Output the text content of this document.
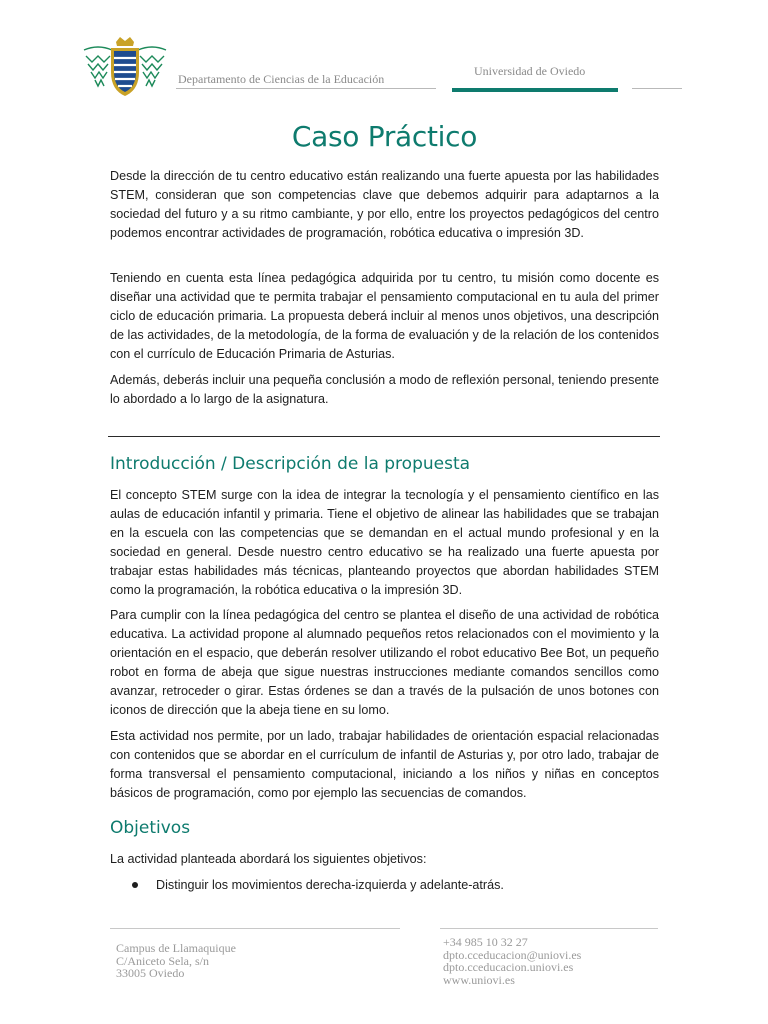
Departamento de Ciencias de la Educación
Universidad de Oviedo
Caso Práctico

Desde la dirección de tu centro educativo están realizando una fuerte apuesta por las habilidades STEM, consideran que son competencias clave que debemos adquirir para adaptarnos a la sociedad del futuro y a su ritmo cambiante, y por ello, entre los proyectos pedagógicos del centro podemos encontrar actividades de programación, robótica educativa o impresión 3D.

Teniendo en cuenta esta línea pedagógica adquirida por tu centro, tu misión como docente es diseñar una actividad que te permita trabajar el pensamiento computacional en tu aula del primer ciclo de educación primaria. La propuesta deberá incluir al menos unos objetivos, una descripción de las actividades, de la metodología, de la forma de evaluación y de la relación de los contenidos con el currículo de Educación Primaria de Asturias.

Además, deberás incluir una pequeña conclusión a modo de reflexión personal, teniendo presente lo abordado a lo largo de la asignatura.

Introducción / Descripción de la propuesta

El concepto STEM surge con la idea de integrar la tecnología y el pensamiento científico en las aulas de educación infantil y primaria. Tiene el objetivo de alinear las habilidades que se trabajan en la escuela con las competencias que se demandan en el actual mundo profesional y en la sociedad en general. Desde nuestro centro educativo se ha realizado una fuerte apuesta por trabajar estas habilidades más técnicas, planteando proyectos que abordan habilidades STEM como la programación, la robótica educativa o la impresión 3D.

Para cumplir con la línea pedagógica del centro se plantea el diseño de una actividad de robótica educativa. La actividad propone al alumnado pequeños retos relacionados con el movimiento y la orientación en el espacio, que deberán resolver utilizando el robot educativo Bee Bot, un pequeño robot en forma de abeja que sigue nuestras instrucciones mediante comandos sencillos como avanzar, retroceder o girar. Estas órdenes se dan a través de la pulsación de unos botones con iconos de dirección que la abeja tiene en su lomo.

Esta actividad nos permite, por un lado, trabajar habilidades de orientación espacial relacionadas con contenidos que se abordar en el currículum de infantil de Asturias y, por otro lado, trabajar de forma transversal el pensamiento computacional, iniciando a los niños y niñas en conceptos básicos de programación, como por ejemplo las secuencias de comandos.

Objetivos

La actividad planteada abordará los siguientes objetivos:

Distinguir los movimientos derecha-izquierda y adelante-atrás.
Campus de Llamaquique
C/Aniceto Sela, s/n
33005 Oviedo
+34 985 10 32 27
dpto.cceducacion@uniovi.es
dpto.cceducacion.uniovi.es
www.uniovi.es
